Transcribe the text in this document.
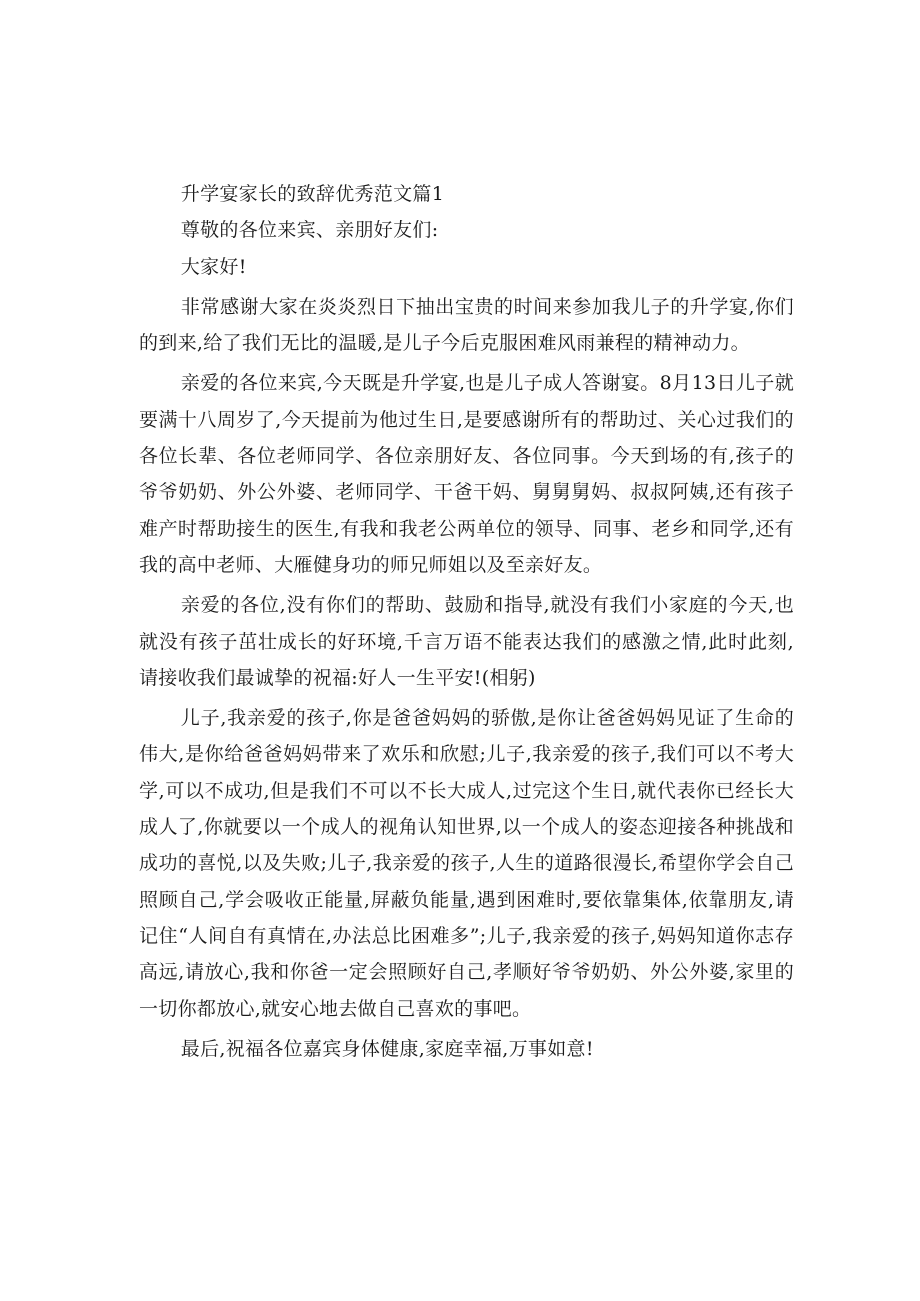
升学宴家长的致辞优秀范文篇1

尊敬的各位来宾、亲朋好友们:

大家好!

非常感谢大家在炎炎烈日下抽出宝贵的时间来参加我儿子的升学宴,你们的到来,给了我们无比的温暖,是儿子今后克服困难风雨兼程的精神动力。

亲爱的各位来宾,今天既是升学宴,也是儿子成人答谢宴。8月13日儿子就要满十八周岁了,今天提前为他过生日,是要感谢所有的帮助过、关心过我们的各位长辈、各位老师同学、各位亲朋好友、各位同事。今天到场的有,孩子的爷爷奶奶、外公外婆、老师同学、干爸干妈、舅舅舅妈、叔叔阿姨,还有孩子难产时帮助接生的医生,有我和我老公两单位的领导、同事、老乡和同学,还有我的高中老师、大雁健身功的师兄师姐以及至亲好友。

亲爱的各位,没有你们的帮助、鼓励和指导,就没有我们小家庭的今天,也就没有孩子茁壮成长的好环境,千言万语不能表达我们的感激之情,此时此刻,请接收我们最诚挚的祝福:好人一生平安!(相躬)

儿子,我亲爱的孩子,你是爸爸妈妈的骄傲,是你让爸爸妈妈见证了生命的伟大,是你给爸爸妈妈带来了欢乐和欣慰;儿子,我亲爱的孩子,我们可以不考大学,可以不成功,但是我们不可以不长大成人,过完这个生日,就代表你已经长大成人了,你就要以一个成人的视角认知世界,以一个成人的姿态迎接各种挑战和成功的喜悦,以及失败;儿子,我亲爱的孩子,人生的道路很漫长,希望你学会自己照顾自己,学会吸收正能量,屏蔽负能量,遇到困难时,要依靠集体,依靠朋友,请记住“人间自有真情在,办法总比困难多”;儿子,我亲爱的孩子,妈妈知道你志存高远,请放心,我和你爸一定会照顾好自己,孝顺好爷爷奶奶、外公外婆,家里的一切你都放心,就安心地去做自己喜欢的事吧。

最后,祝福各位嘉宾身体健康,家庭幸福,万事如意!
